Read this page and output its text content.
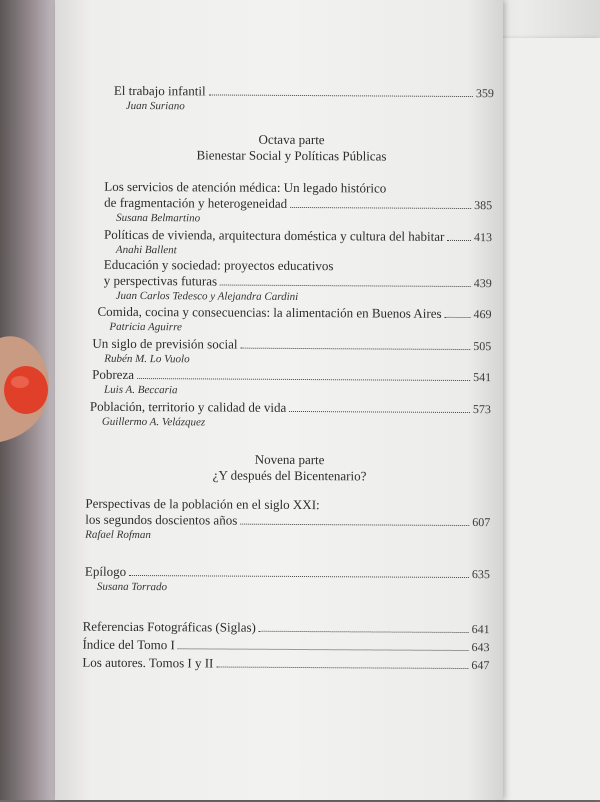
El trabajo infantil	359
Juan Suriano
Octava parte
Bienestar Social y Políticas Públicas
Los servicios de atención médica: Un legado histórico
de fragmentación y heterogeneidad	385
Susana Belmartino
Políticas de vivienda, arquitectura doméstica y cultura del habitar 413
Anahi Ballent
Educación y sociedad: proyectos educativos
y perspectivas futuras	439
Juan Carlos Tedesco y Alejandra Cardini
Comida, cocina y consecuencias: la alimentación en Buenos Aires	469
Patricia Aguirre
Un siglo de previsión social	505
Rubén M. Lo Vuolo
Pobreza	541
Luis A. Beccaria
Población, territorio y calidad de vida	573
Guillermo A. Velázquez
Novena parte
¿Y después del Bicentenario?
Perspectivas de la población en el siglo XXI:
los segundos doscientos años	607
Rafael Rofman
Epílogo	635
Susana Torrado
Referencias Fotográficas (Siglas)	641
Índice del Tomo I	643
Los autores. Tomos I y II	647
